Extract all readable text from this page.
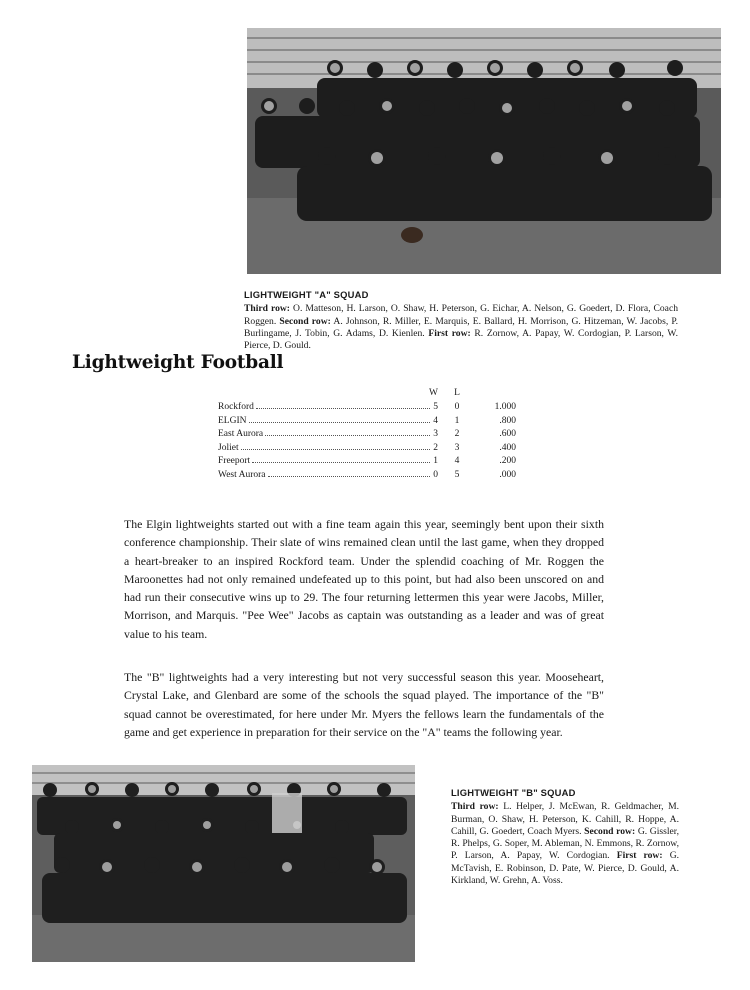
LIGHTWEIGHT "A" SQUAD
Third row: O. Matteson, H. Larson, O. Shaw, H. Peterson, G. Eichar, A. Nelson, G. Goedert, D. Flora, Coach Roggen. Second row: A. Johnson, R. Miller, E. Marquis, E. Ballard, H. Morrison, G. Hitzeman, W. Jacobs, P. Burlingame, J. Tobin, G. Adams, D. Kienlen. First row: R. Zornow, A. Papay, W. Cordogian, P. Larson, W. Pierce, D. Gould.
Lightweight Football
W L
Rockford	5 0	1.000
ELGIN	4 1	.800
East Aurora	3 2	.600
Joliet	2 3	.400
Freeport	1 4	.200
West Aurora	0 5	.000

The Elgin lightweights started out with a fine team again this year, seemingly bent upon their sixth conference championship. Their slate of wins remained clean until the last game, when they dropped a heart-breaker to an inspired Rockford team. Under the splendid coaching of Mr. Roggen the Maroonettes had not only remained undefeated up to this point, but had also been unscored on and had run their consecutive wins up to 29. The four returning lettermen this year were Jacobs, Miller, Morrison, and Marquis. "Pee Wee" Jacobs as captain was outstanding as a leader and was of great value to his team.

The "B" lightweights had a very interesting but not very successful season this year. Mooseheart, Crystal Lake, and Glenbard are some of the schools the squad played. The importance of the "B" squad cannot be overestimated, for here under Mr. Myers the fellows learn the fundamentals of the game and get experience in preparation for their service on the "A" teams the following year.

LIGHTWEIGHT "B" SQUAD
Third row: L. Helper, J. McEwan, R. Geldmacher, M. Burman, O. Shaw, H. Peterson, K. Cahill, R. Hoppe, A. Cahill, G. Goedert, Coach Myers. Second row: G. Gissler, R. Phelps, G. Soper, M. Ableman, N. Emmons, R. Zornow, P. Larson, A. Papay, W. Cordogian. First row: G. McTavish, E. Robinson, D. Pate, W. Pierce, D. Gould, A. Kirkland, W. Grehn, A. Voss.
